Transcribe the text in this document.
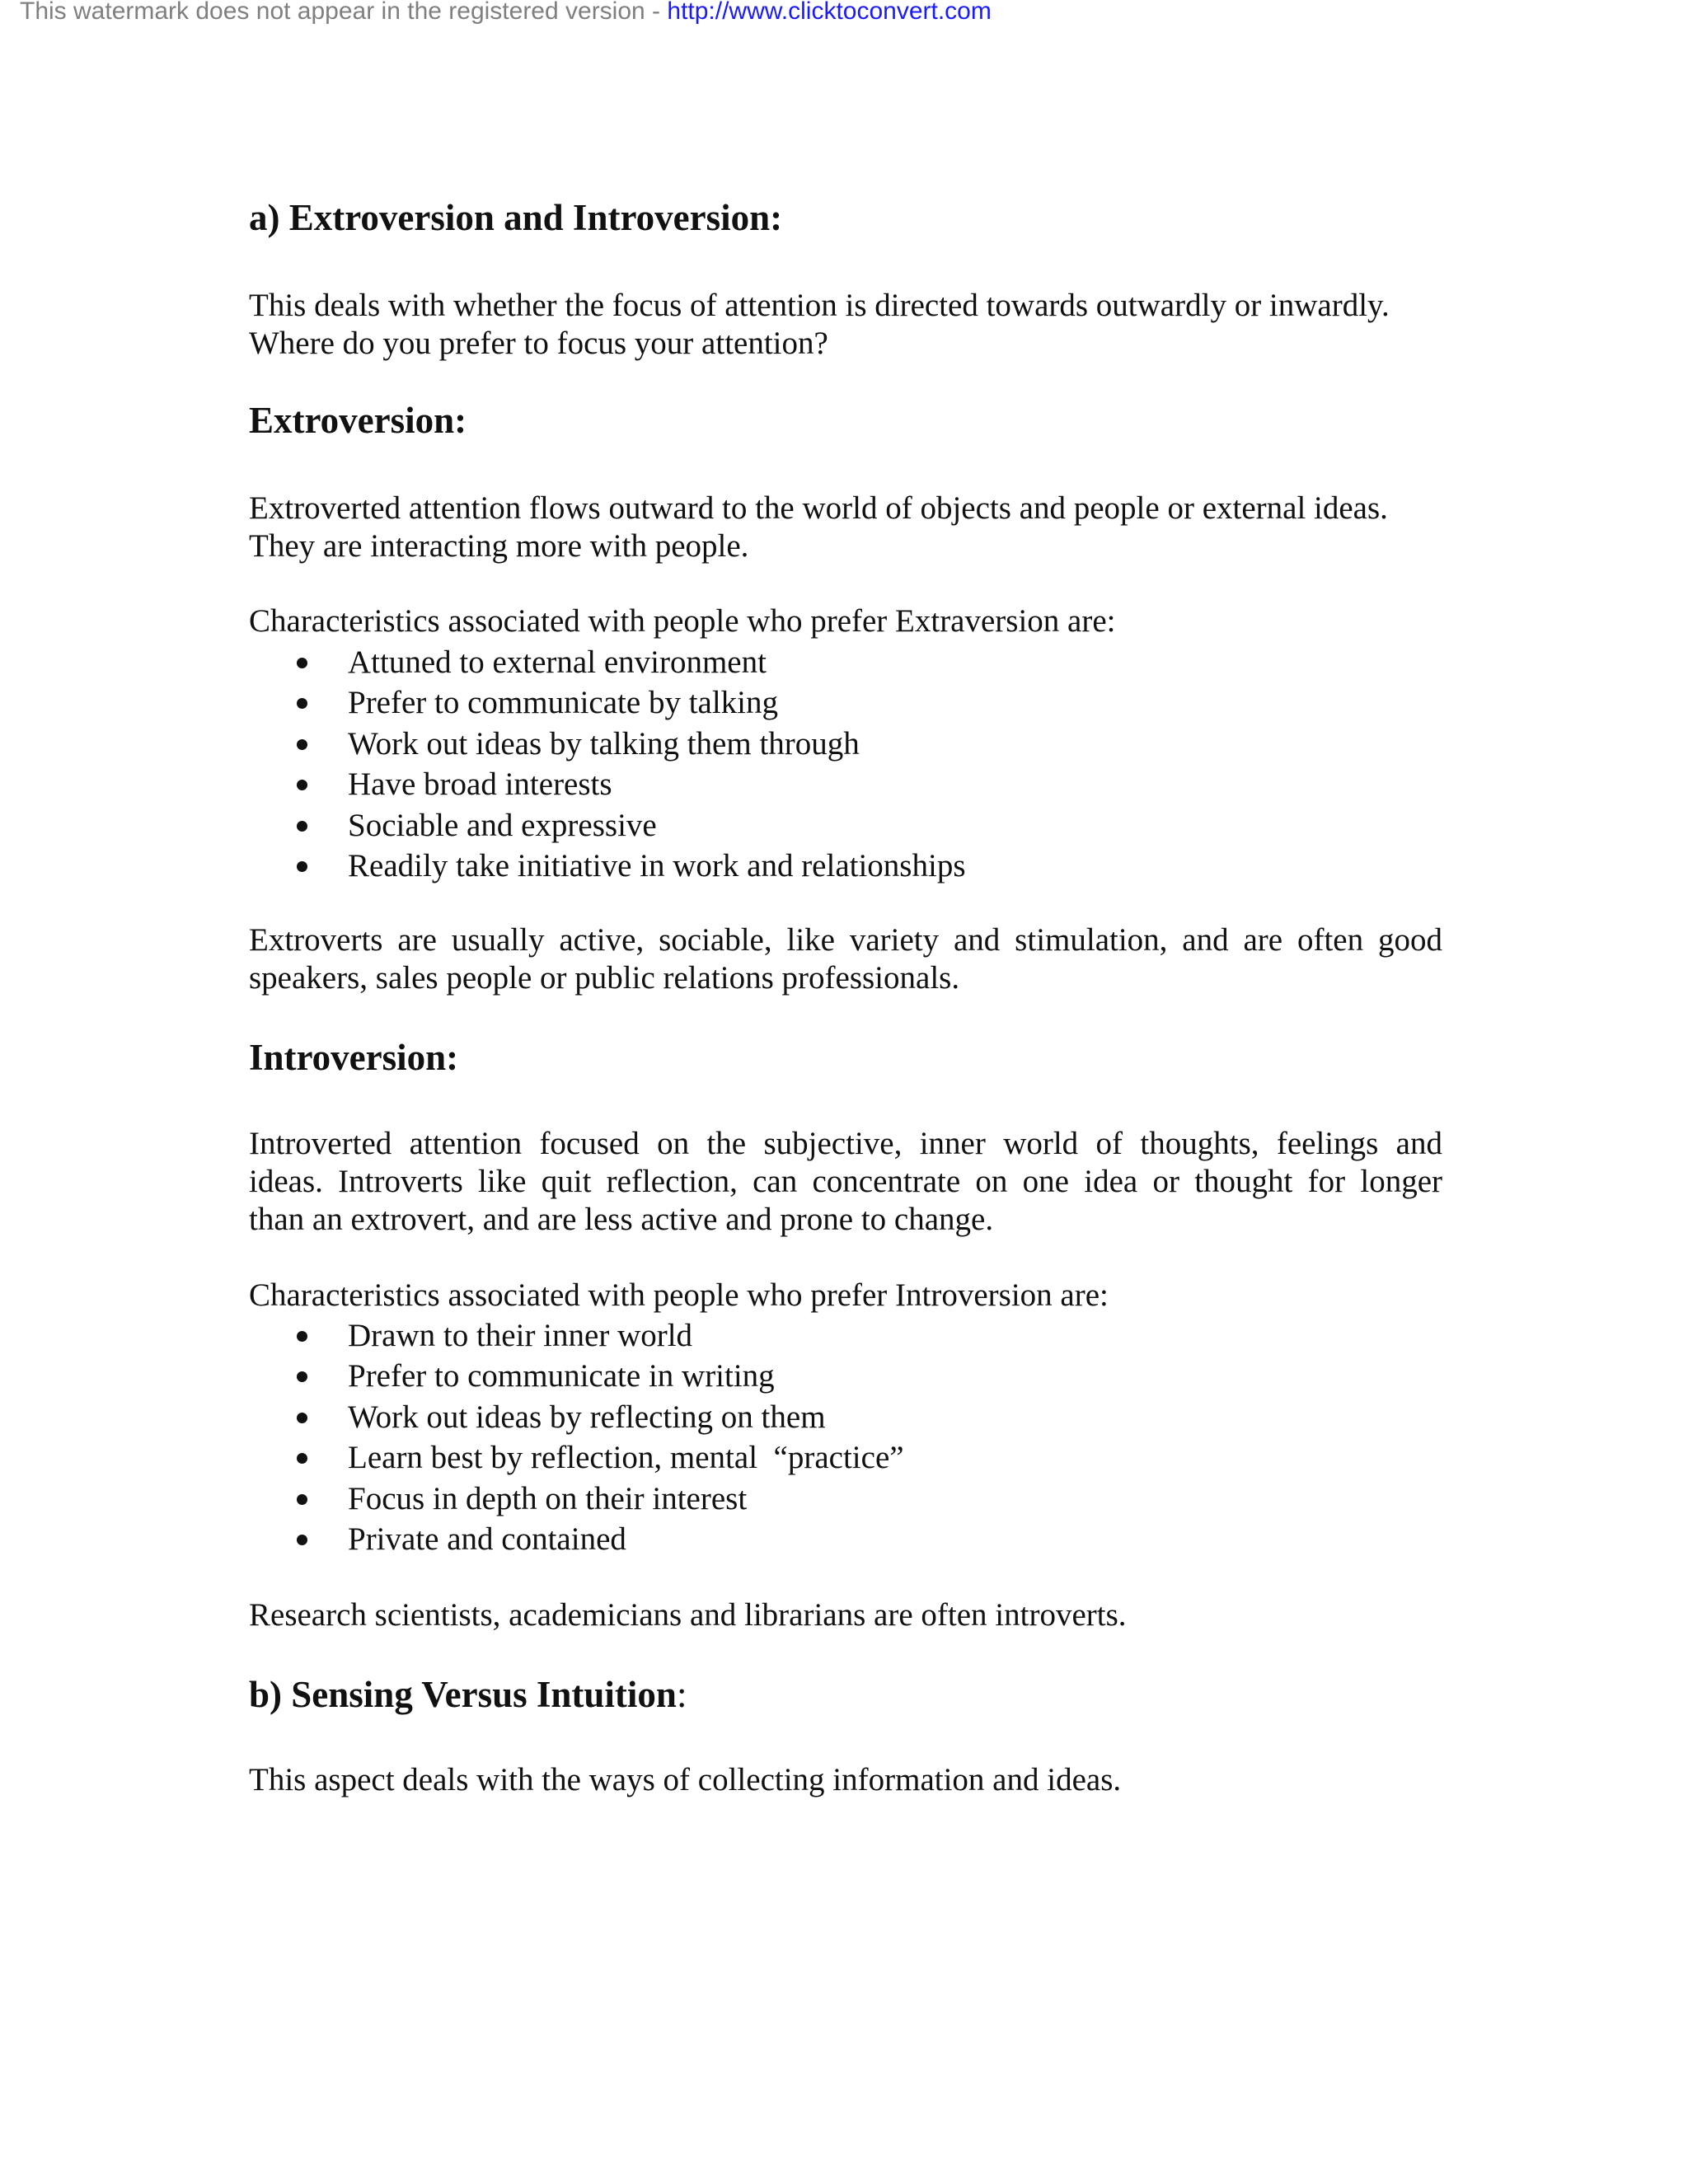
This watermark does not appear in the registered version - http://www.clicktoconvert.com
a) Extroversion and Introversion:
This deals with whether the focus of attention is directed towards outwardly or inwardly.
Where do you prefer to focus your attention?
Extroversion:
Extroverted attention flows outward to the world of objects and people or external ideas.
They are interacting more with people.
Characteristics associated with people who prefer Extraversion are:
Attuned to external environment
Prefer to communicate by talking
Work out ideas by talking them through
Have broad interests
Sociable and expressive
Readily take initiative in work and relationships
Extroverts are usually active, sociable, like variety and stimulation, and are often good
speakers, sales people or public relations professionals.
Introversion:
Introverted attention focused on the subjective, inner world of thoughts, feelings and
ideas. Introverts like quit reflection, can concentrate on one idea or thought for longer
than an extrovert, and are less active and prone to change.
Characteristics associated with people who prefer Introversion are:
Drawn to their inner world
Prefer to communicate in writing
Work out ideas by reflecting on them
Learn best by reflection, mental  “practice”
Focus in depth on their interest
Private and contained
Research scientists, academicians and librarians are often introverts.
b) Sensing Versus Intuition:
This aspect deals with the ways of collecting information and ideas.
